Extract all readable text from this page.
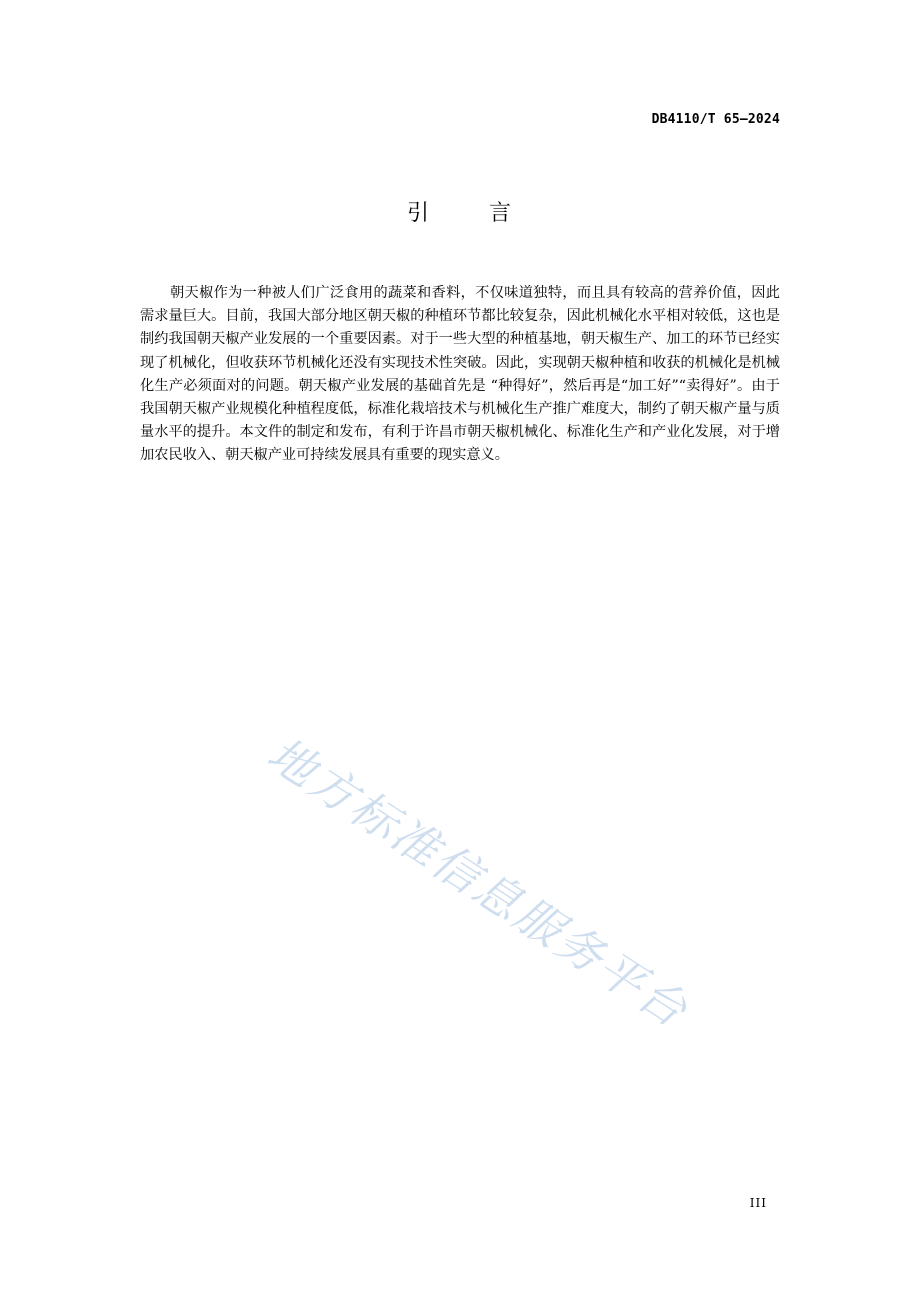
DB4110/T 65—2024
引	言

朝天椒作为一种被人们广泛食用的蔬菜和香料，不仅味道独特，而且具有较高的营养价值，因此需求量巨大。目前，我国大部分地区朝天椒的种植环节都比较复杂，因此机械化水平相对较低，这也是制约我国朝天椒产业发展的一个重要因素。对于一些大型的种植基地，朝天椒生产、加工的环节已经实现了机械化，但收获环节机械化还没有实现技术性突破。因此，实现朝天椒种植和收获的机械化是机械化生产必须面对的问题。朝天椒产业发展的基础首先是 “种得好”，然后再是“加工好”“卖得好”。由于我国朝天椒产业规模化种植程度低，标准化栽培技术与机械化生产推广难度大，制约了朝天椒产量与质量水平的提升。本文件的制定和发布，有利于许昌市朝天椒机械化、标准化生产和产业化发展，对于增加农民收入、朝天椒产业可持续发展具有重要的现实意义。

地方标准信息服务平台
III
